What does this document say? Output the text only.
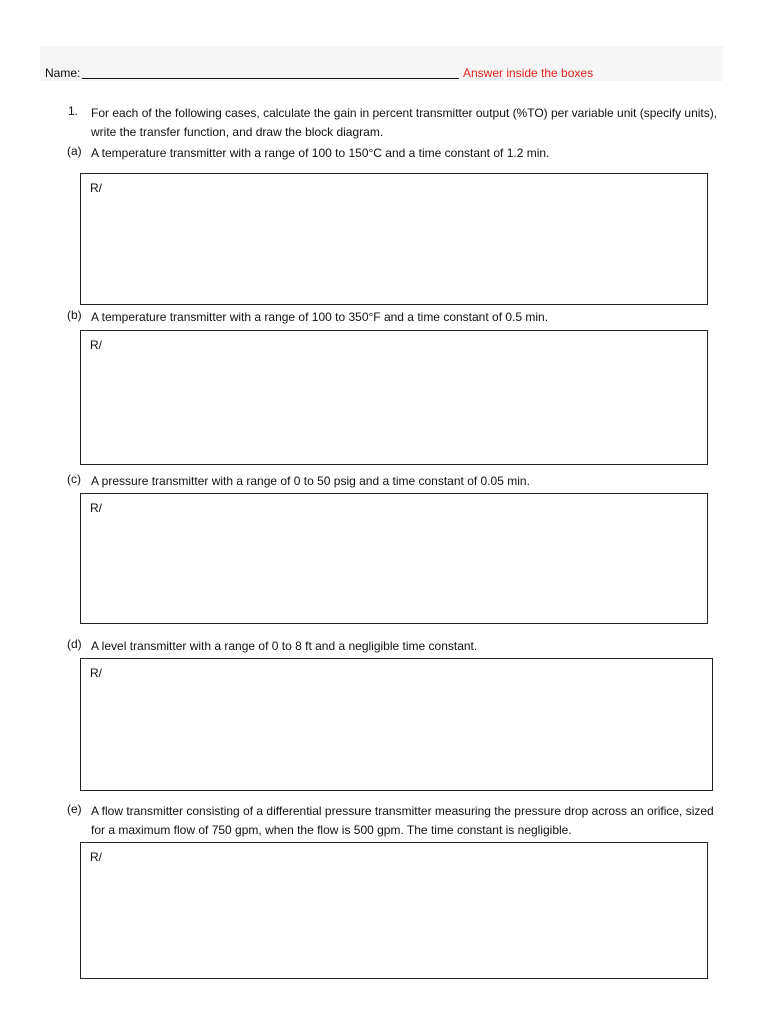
Name:	Answer inside the boxes
1. For each of the following cases, calculate the gain in percent transmitter output (%TO) per variable unit (specify units), write the transfer function, and draw the block diagram.
(a) A temperature transmitter with a range of 100 to 150°C and a time constant of 1.2 min.
R/
(b) A temperature transmitter with a range of 100 to 350°F and a time constant of 0.5 min.
R/
(c) A pressure transmitter with a range of 0 to 50 psig and a time constant of 0.05 min.
R/
(d) A level transmitter with a range of 0 to 8 ft and a negligible time constant.
R/
(e) A flow transmitter consisting of a differential pressure transmitter measuring the pressure drop across an orifice, sized for a maximum flow of 750 gpm, when the flow is 500 gpm. The time constant is negligible.
R/
